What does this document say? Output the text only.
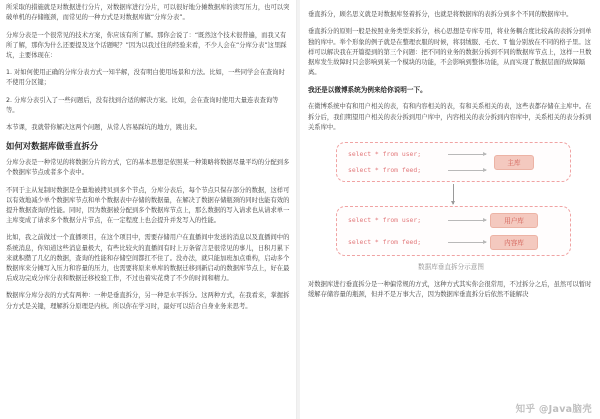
所采取的措施就是对数据进行分片，对数据库进行分片，可以很好地分摊数据库的读写压力，也可以突破单机的存储瓶颈，而常见的一种方式是对数据库做“分库分表”。

分库分表是一个很常见的技术方案，你应该有所了解。那你会说了：“既然这个技术很普遍，而我又有所了解，那你为什么还要提及这个话题呢？”因为以我过往的经验来看，不少人会在“分库分表”这里踩坑，主要体现在：

1. 对如何使用正确的分库分表方式一知半解，没有明白使用场景和方法。比如，一些同学会在查询时不使用分区键；

2. 分库分表引入了一些问题后，没有找到合适的解决方案。比如，会在查询时使用大量连表查询等等。

本节课，我就带你解决这两个问题，从常人容易踩坑的地方，跳出来。

如何对数据库做垂直拆分

分库分表是一种常见的将数据分片的方式，它的基本思想是依照某一种策略将数据尽量平均的分配到多个数据库节点或者多个表中。

不同于主从复制时数据是全量地被拷贝到多个节点，分库分表后，每个节点只保存部分的数据，这样可以有效地减少单个数据库节点和单个数据表中存储的数据量，在解决了数据存储瓶颈的同时也能有效的提升数据查询的性能。同时，因为数据被分配到多个数据库节点上，那么数据的写入请求也从请求单一主库变成了请求多个数据分片节点，在一定程度上也会提升并发写入的性能。

比如，我之前做过一个直播项目，在这个项目中，需要存储用户在直播间中发送的消息以及直播间中的系统消息，你知道这些消息量极大，有些比较火的直播间有时上万条留言是很常见的事儿，日积月累下来就积攒了几亿的数据，查询的性能和存储空间都扛不住了。没办法，就只能加班加点重构，启动多个数据库来分摊写入压力和容量的压力，也需要将原来单库的数据迁移到新启动的数据库节点上，好在最后成功完成分库分表和数据迁移校验工作，不过也着实花费了不少的时间和精力。

数据库分库分表的方式有两种：一种是垂直拆分，另一种是水平拆分。这两种方式，在我看来，掌握拆分方式是关键，理解拆分原理是内核。所以你在学习时，最好可以结合自身业务来思考。

垂直拆分，顾名思义就是对数据库竖着拆分，也就是将数据库的表拆分到多个不同的数据库中。

垂直拆分的原则一般是按照业务类型来拆分，核心思想是专库专用，将业务耦合度比较高的表拆分到单独的库中。举个形象的例子就是在整理衣服的时候，将羽绒服、毛衣、T 恤分别放在不同的格子里。这样可以解决我在开篇提到的第三个问题：把不同的业务的数据分拆到不同的数据库节点上，这样一旦数据库发生故障时只会影响到某一个模块的功能，不会影响到整体功能，从而实现了数据层面的故障隔离。

我还是以微博系统为例来给你说明一下。

在微博系统中有和用户相关的表，有和内容相关的表，有和关系相关的表，这些表都存储在主库中。在拆分后，我们期望用户相关的表分拆到用户库中，内容相关的表分拆到内容库中，关系相关的表分拆到关系库中。

select * from user;
select * from feed;
主库
select * from user;
select * from feed;
用户库
内容库

数据库垂直拆分示意图

对数据库进行垂直拆分是一种偏常规的方式，这种方式其实你会很常用，不过拆分之后，虽然可以暂时缓解存储容量的瓶颈，但并不是万事大吉，因为数据库垂直拆分后依然不能解决

知乎 @Java脑壳
